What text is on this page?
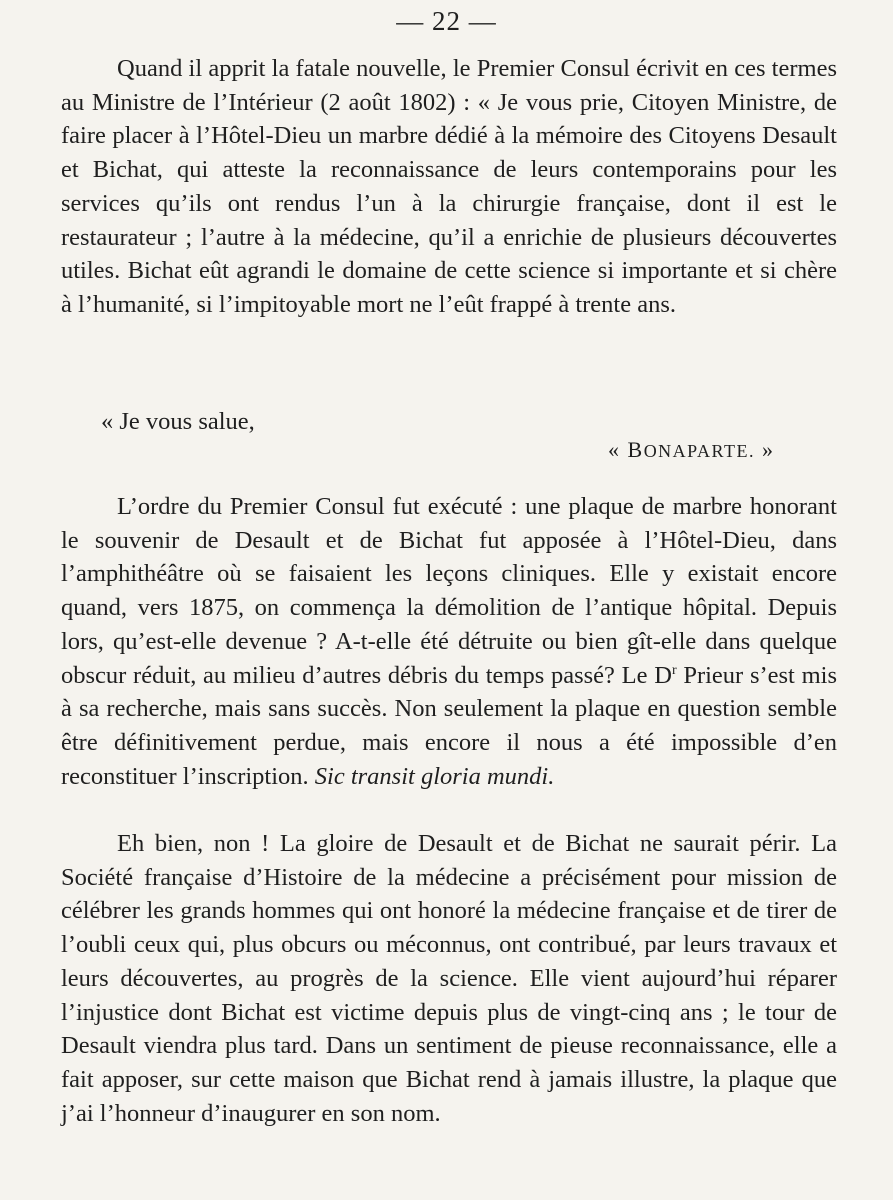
— 22 —

Quand il apprit la fatale nouvelle, le Premier Consul écrivit en ces termes au Ministre de l’Intérieur (2 août 1802) : « Je vous prie, Citoyen Ministre, de faire placer à l’Hôtel-Dieu un marbre dédié à la mémoire des Citoyens Desault et Bichat, qui atteste la reconnaissance de leurs contemporains pour les services qu’ils ont rendus l’un à la chirurgie française, dont il est le restaurateur ; l’autre à la médecine, qu’il a enrichie de plusieurs découvertes utiles. Bichat eût agrandi le domaine de cette science si importante et si chère à l’humanité, si l’impitoyable mort ne l’eût frappé à trente ans.

« Je vous salue,
« BONAPARTE. »

L’ordre du Premier Consul fut exécuté : une plaque de marbre honorant le souvenir de Desault et de Bichat fut apposée à l’Hôtel-Dieu, dans l’amphithéâtre où se faisaient les leçons cliniques. Elle y existait encore quand, vers 1875, on commença la démolition de l’antique hôpital. Depuis lors, qu’est-elle devenue ? A-t-elle été détruite ou bien gît-elle dans quelque obscur réduit, au milieu d’autres débris du temps passé? Le $D^r$ Prieur s’est mis à sa recherche, mais sans succès. Non seulement la plaque en question semble être définitivement perdue, mais encore il nous a été impossible d’en reconstituer l’inscription. Sic transit gloria mundi.

Eh bien, non ! La gloire de Desault et de Bichat ne saurait périr. La Société française d’Histoire de la médecine a précisément pour mission de célébrer les grands hommes qui ont honoré la médecine française et de tirer de l’oubli ceux qui, plus obcurs ou méconnus, ont contribué, par leurs travaux et leurs découvertes, au progrès de la science. Elle vient aujourd’hui réparer l’injustice dont Bichat est victime depuis plus de vingt-cinq ans ; le tour de Desault viendra plus tard. Dans un sentiment de pieuse reconnaissance, elle a fait apposer, sur cette maison que Bichat rend à jamais illustre, la plaque que j’ai l’honneur d’inaugurer en son nom.
